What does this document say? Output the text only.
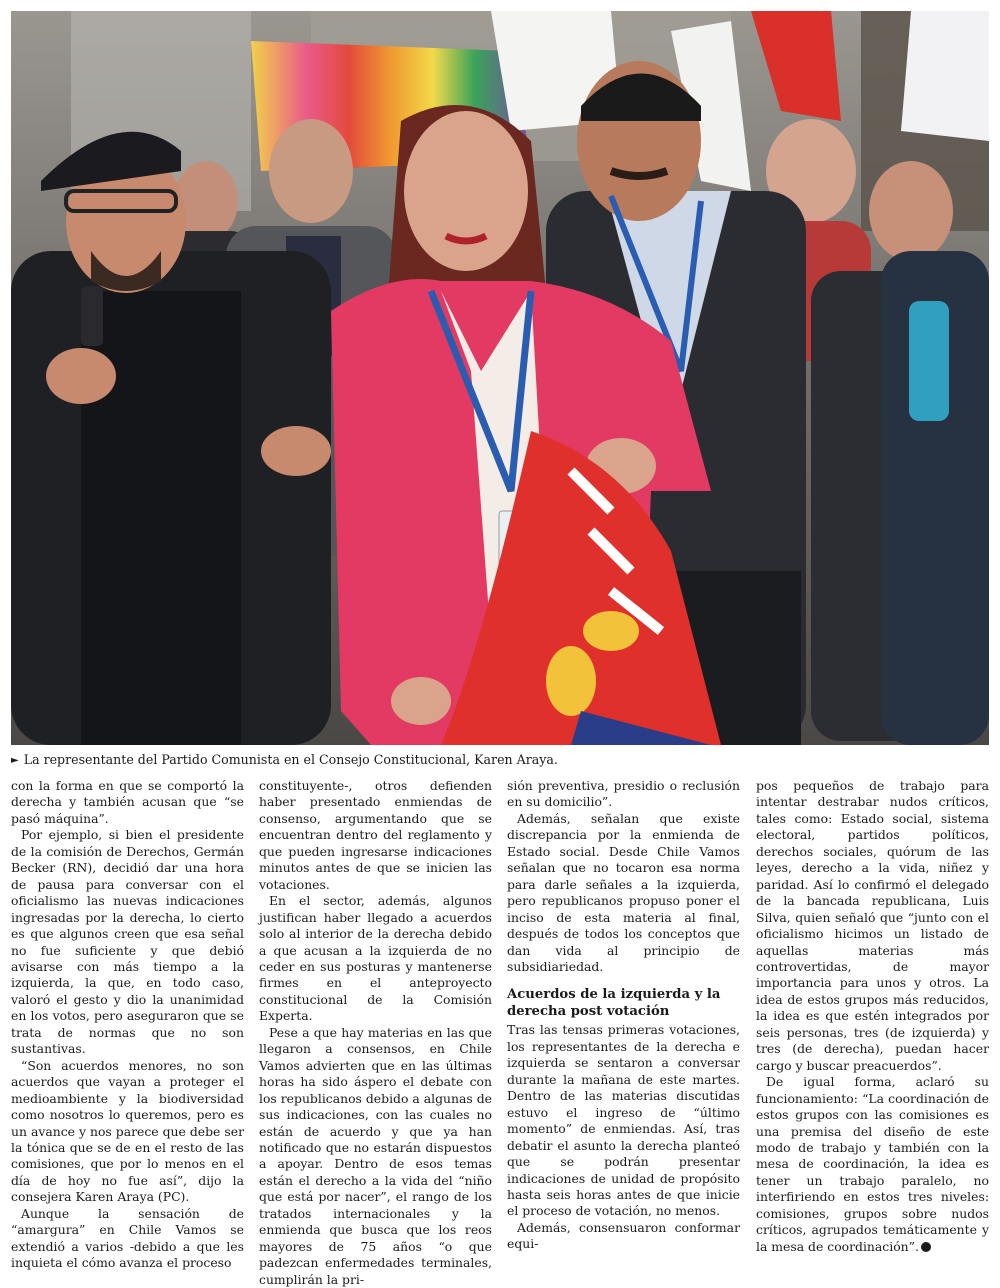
► La representante del Partido Comunista en el Consejo Constitucional, Karen Araya.

con la forma en que se comportó la derecha y también acusan que “se pasó máquina”.

Por ejemplo, si bien el presidente de la comisión de Derechos, Germán Becker (RN), decidió dar una hora de pausa para conversar con el oficialismo las nuevas indicaciones ingresadas por la derecha, lo cierto es que algunos creen que esa señal no fue suficiente y que debió avisarse con más tiempo a la izquierda, la que, en todo caso, valoró el gesto y dio la unanimidad en los votos, pero aseguraron que se trata de normas que no son sustantivas.

“Son acuerdos menores, no son acuerdos que vayan a proteger el medioambiente y la biodiversidad como nosotros lo queremos, pero es un avance y nos parece que debe ser la tónica que se de en el resto de las comisiones, que por lo menos en el día de hoy no fue así”, dijo la consejera Karen Araya (PC).

Aunque la sensación de “amargura” en Chile Vamos se extendió a varios -debido a que les inquieta el cómo avanza el proceso

constituyente-, otros defienden haber presentado enmiendas de consenso, argumentando que se encuentran dentro del reglamento y que pueden ingresarse indicaciones minutos antes de que se inicien las votaciones.

En el sector, además, algunos justifican haber llegado a acuerdos solo al interior de la derecha debido a que acusan a la izquierda de no ceder en sus posturas y mantenerse firmes en el anteproyecto constitucional de la Comisión Experta.

Pese a que hay materias en las que llegaron a consensos, en Chile Vamos advierten que en las últimas horas ha sido áspero el debate con los republicanos debido a algunas de sus indicaciones, con las cuales no están de acuerdo y que ya han notificado que no estarán dispuestos a apoyar. Dentro de esos temas están el derecho a la vida del “niño que está por nacer”, el rango de los tratados internacionales y la enmienda que busca que los reos mayores de 75 años “o que padezcan enfermedades terminales, cumplirán la pri-

sión preventiva, presidio o reclusión en su domicilio”.

Además, señalan que existe discrepancia por la enmienda de Estado social. Desde Chile Vamos señalan que no tocaron esa norma para darle señales a la izquierda, pero republicanos propuso poner el inciso de esta materia al final, después de todos los conceptos que dan vida al principio de subsidiariedad.

Acuerdos de la izquierda y la derecha post votación

Tras las tensas primeras votaciones, los representantes de la derecha e izquierda se sentaron a conversar durante la mañana de este martes. Dentro de las materias discutidas estuvo el ingreso de “último momento” de enmiendas. Así, tras debatir el asunto la derecha planteó que se podrán presentar indicaciones de unidad de propósito hasta seis horas antes de que inicie el proceso de votación, no menos.

Además, consensuaron conformar equi-

pos pequeños de trabajo para intentar destrabar nudos críticos, tales como: Estado social, sistema electoral, partidos políticos, derechos sociales, quórum de las leyes, derecho a la vida, niñez y paridad. Así lo confirmó el delegado de la bancada republicana, Luis Silva, quien señaló que “junto con el oficialismo hicimos un listado de aquellas materias más controvertidas, de mayor importancia para unos y otros. La idea de estos grupos más reducidos, la idea es que estén integrados por seis personas, tres (de izquierda) y tres (de derecha), puedan hacer cargo y buscar preacuerdos”.

De igual forma, aclaró su funcionamiento: “La coordinación de estos grupos con las comisiones es una premisa del diseño de este modo de trabajo y también con la mesa de coordinación, la idea es tener un trabajo paralelo, no interfiriendo en estos tres niveles: comisiones, grupos sobre nudos críticos, agrupados temáticamente y la mesa de coordinación”.
